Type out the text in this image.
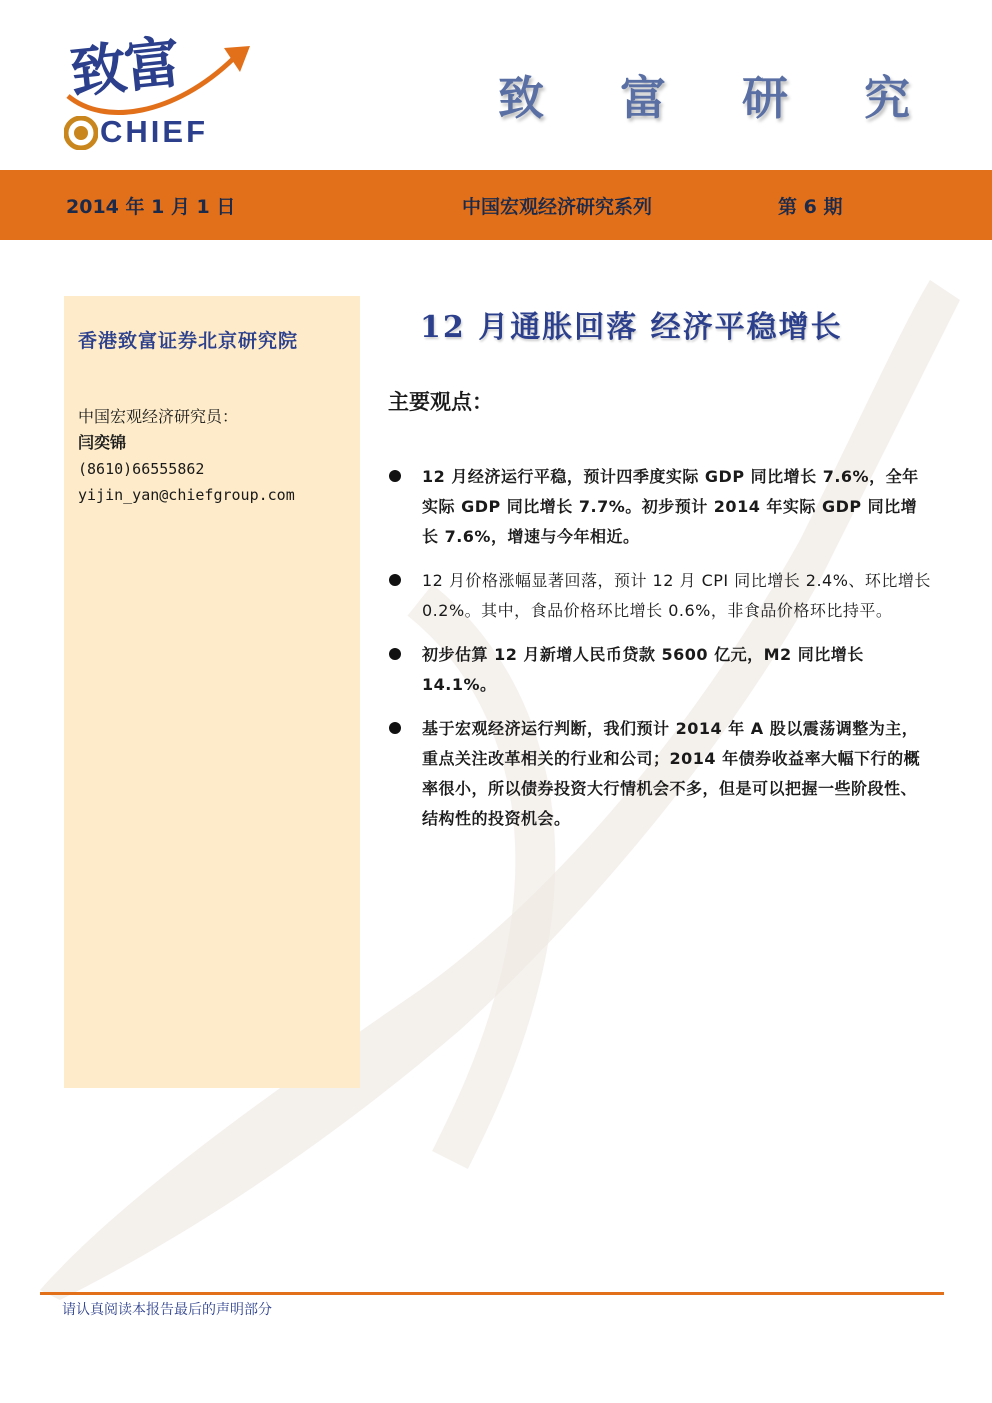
致富
CHIEF
致 富 研 究
2014 年 1 月 1 日	中国宏观经济研究系列	第 6 期
香港致富证券北京研究院
中国宏观经济研究员：
闫奕锦
(8610)66555862
yijin_yan@chiefgroup.com
12 月通胀回落 经济平稳增长
主要观点：
12 月经济运行平稳，预计四季度实际 GDP 同比增长 7.6%，全年实际 GDP 同比增长 7.7%。初步预计 2014 年实际 GDP 同比增长 7.6%，增速与今年相近。
12 月价格涨幅显著回落，预计 12 月 CPI 同比增长 2.4%、环比增长 0.2%。其中，食品价格环比增长 0.6%，非食品价格环比持平。
初步估算 12 月新增人民币贷款 5600 亿元，M2 同比增长 14.1%。
基于宏观经济运行判断，我们预计 2014 年 A 股以震荡调整为主，重点关注改革相关的行业和公司；2014 年债券收益率大幅下行的概率很小，所以债券投资大行情机会不多，但是可以把握一些阶段性、结构性的投资机会。
请认真阅读本报告最后的声明部分
